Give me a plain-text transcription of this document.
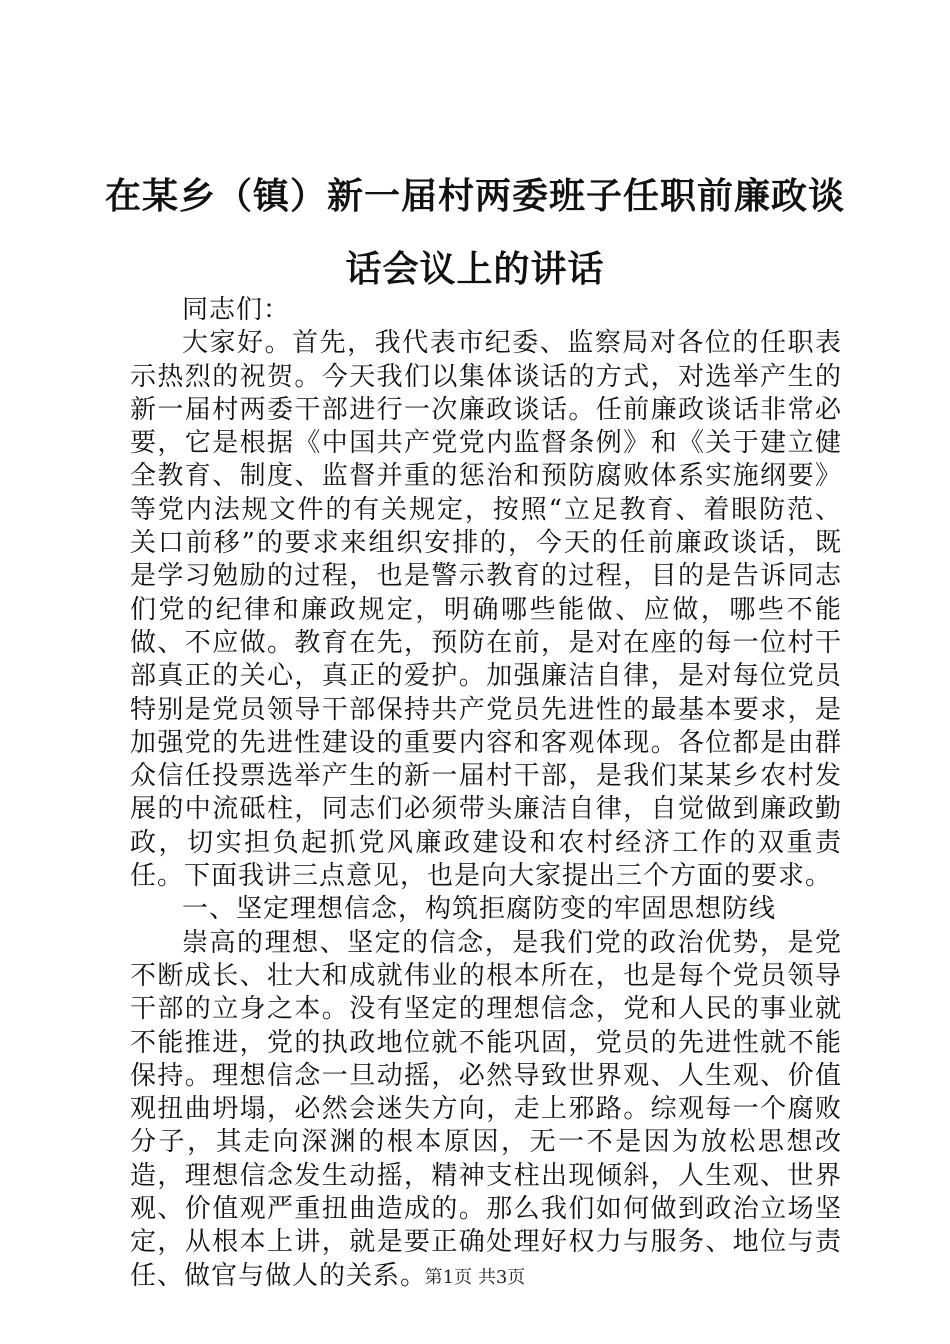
在某乡（镇）新一届村两委班子任职前廉政谈话会议上的讲话

同志们：

大家好。首先，我代表市纪委、监察局对各位的任职表示热烈的祝贺。今天我们以集体谈话的方式，对选举产生的新一届村两委干部进行一次廉政谈话。任前廉政谈话非常必要，它是根据《中国共产党党内监督条例》和《关于建立健全教育、制度、监督并重的惩治和预防腐败体系实施纲要》等党内法规文件的有关规定，按照“立足教育、着眼防范、关口前移”的要求来组织安排的，今天的任前廉政谈话，既是学习勉励的过程，也是警示教育的过程，目的是告诉同志们党的纪律和廉政规定，明确哪些能做、应做，哪些不能做、不应做。教育在先，预防在前，是对在座的每一位村干部真正的关心，真正的爱护。加强廉洁自律，是对每位党员特别是党员领导干部保持共产党员先进性的最基本要求，是加强党的先进性建设的重要内容和客观体现。各位都是由群众信任投票选举产生的新一届村干部，是我们某某乡农村发展的中流砥柱，同志们必须带头廉洁自律，自觉做到廉政勤政，切实担负起抓党风廉政建设和农村经济工作的双重责任。下面我讲三点意见，也是向大家提出三个方面的要求。

一、坚定理想信念，构筑拒腐防变的牢固思想防线

崇高的理想、坚定的信念，是我们党的政治优势，是党不断成长、壮大和成就伟业的根本所在，也是每个党员领导干部的立身之本。没有坚定的理想信念，党和人民的事业就不能推进，党的执政地位就不能巩固，党员的先进性就不能保持。理想信念一旦动摇，必然导致世界观、人生观、价值观扭曲坍塌，必然会迷失方向，走上邪路。综观每一个腐败分子，其走向深渊的根本原因，无一不是因为放松思想改造，理想信念发生动摇，精神支柱出现倾斜，人生观、世界观、价值观严重扭曲造成的。那么我们如何做到政治立场坚定，从根本上讲，就是要正确处理好权力与服务、地位与责任、做官与做人的关系。

第1页 共3页
